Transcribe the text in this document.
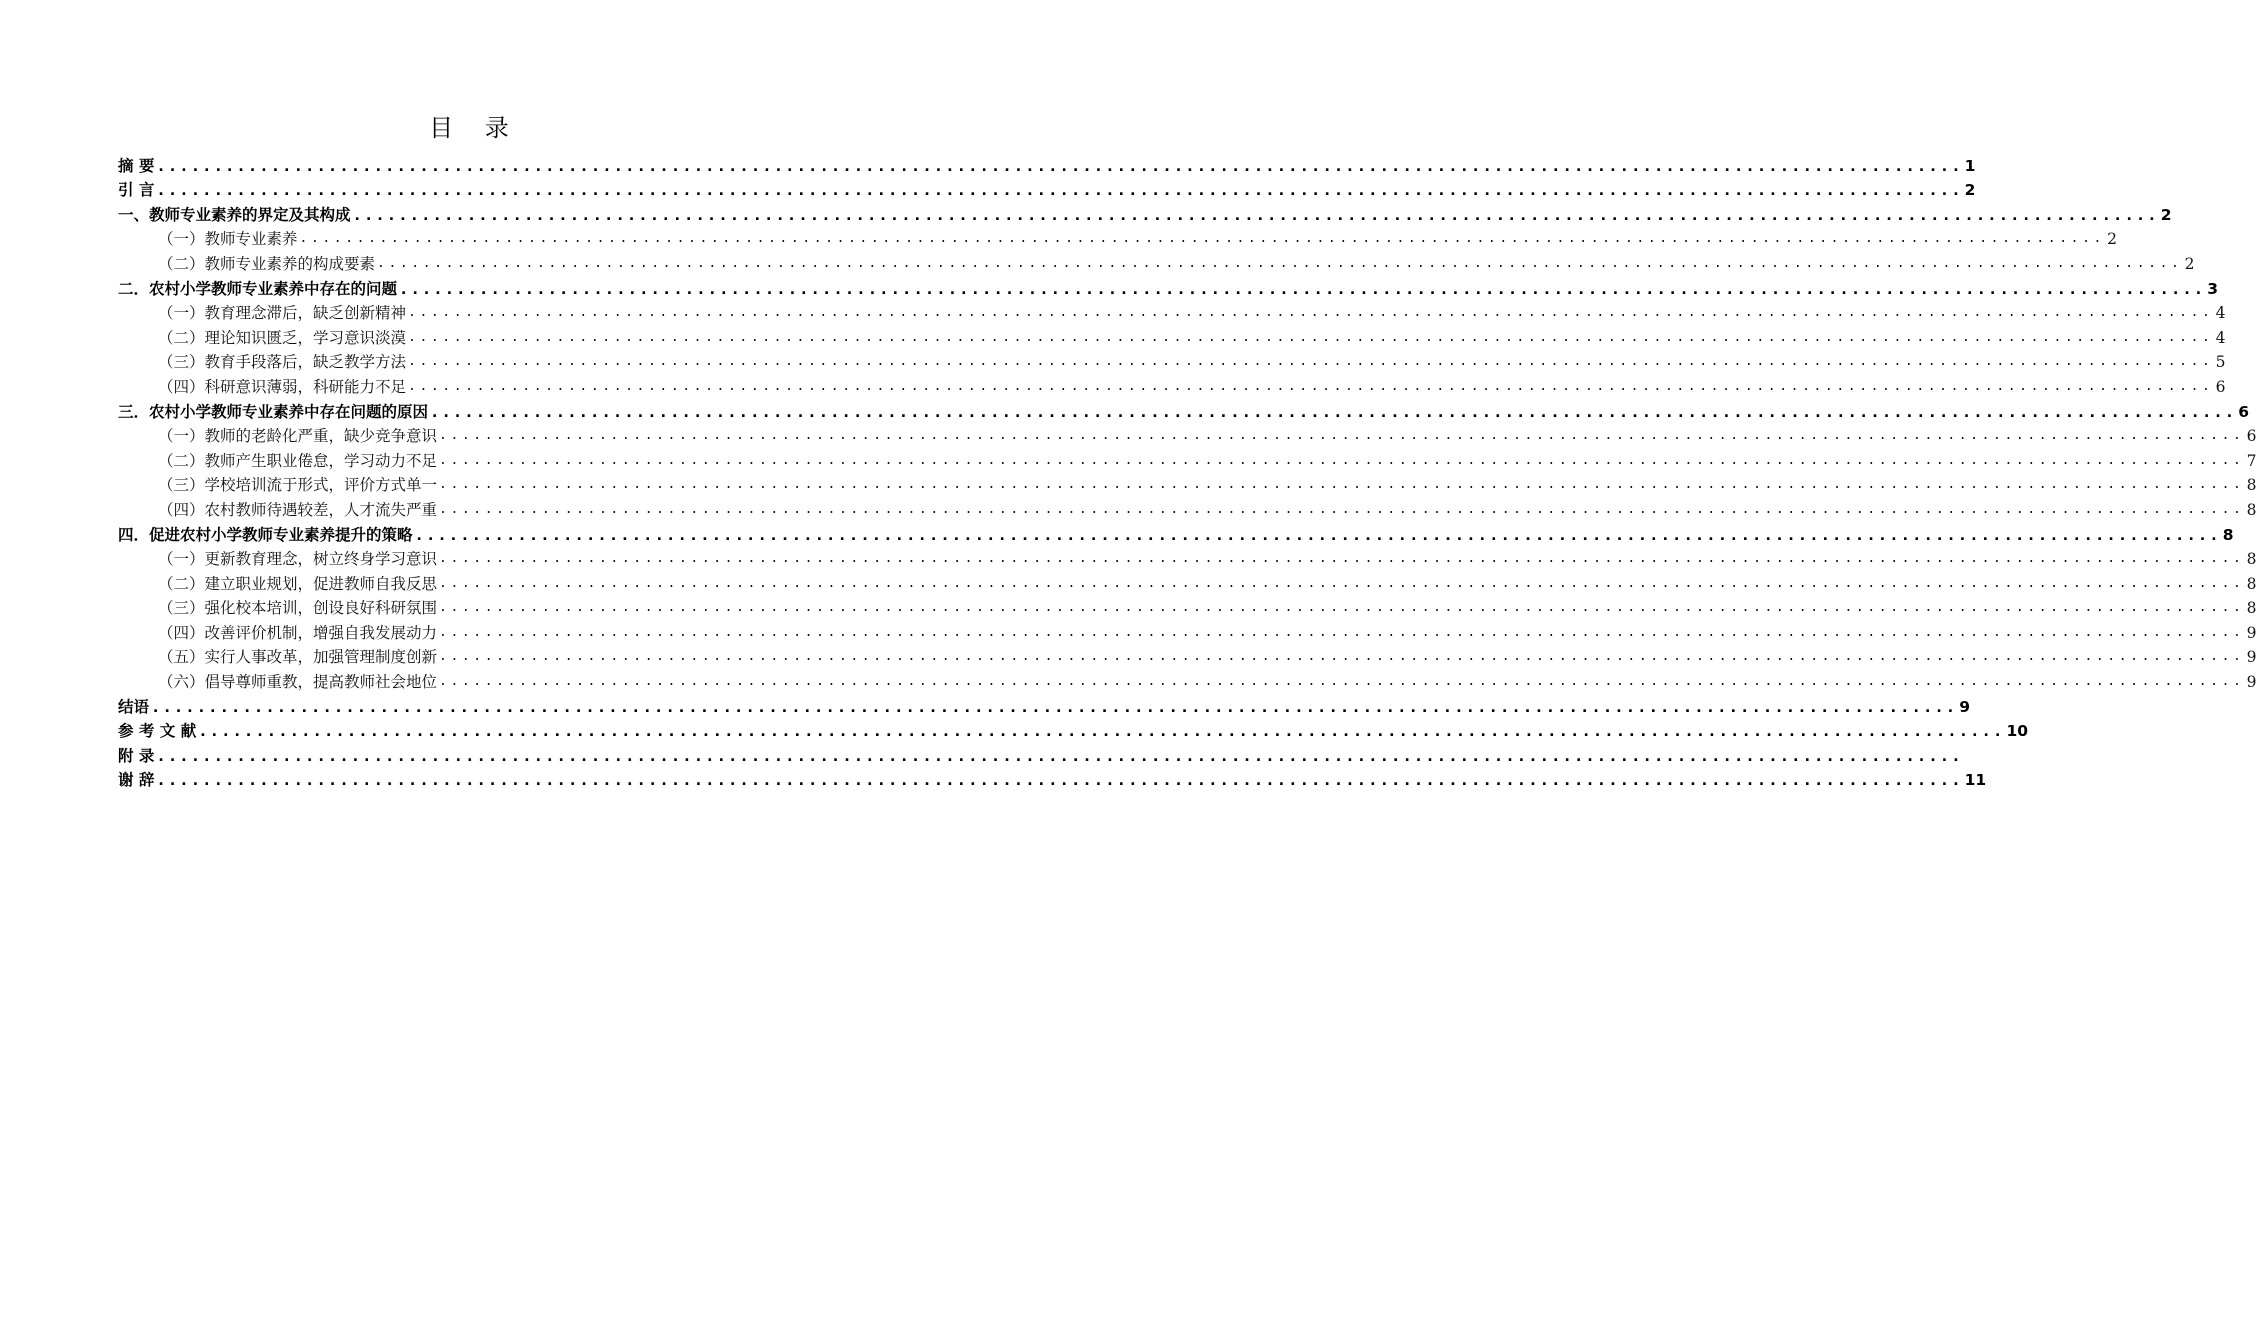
目 录
摘 要 .............................................................................................................................................................. 1
引 言 .............................................................................................................................................................. 2
一、教师专业素养的界定及其构成 .............................................................................................................................................................. 2
（一）教师专业素养 .............................................................................................................................................................. 2
（二）教师专业素养的构成要素 .............................................................................................................................................................. 2
二．农村小学教师专业素养中存在的问题 .............................................................................................................................................................. 3
（一）教育理念滞后，缺乏创新精神 .............................................................................................................................................................. 4
（二）理论知识匮乏，学习意识淡漠 .............................................................................................................................................................. 4
（三）教育手段落后，缺乏教学方法 .............................................................................................................................................................. 5
（四）科研意识薄弱，科研能力不足 .............................................................................................................................................................. 6
三．农村小学教师专业素养中存在问题的原因 .............................................................................................................................................................. 6
（一）教师的老龄化严重，缺少竞争意识 .............................................................................................................................................................. 6
（二）教师产生职业倦怠，学习动力不足 .............................................................................................................................................................. 7
（三）学校培训流于形式，评价方式单一 .............................................................................................................................................................. 8
（四）农村教师待遇较差，人才流失严重 .............................................................................................................................................................. 8
四．促进农村小学教师专业素养提升的策略 .............................................................................................................................................................. 8
（一）更新教育理念，树立终身学习意识 .............................................................................................................................................................. 8
（二）建立职业规划，促进教师自我反思 .............................................................................................................................................................. 8
（三）强化校本培训，创设良好科研氛围 .............................................................................................................................................................. 8
（四）改善评价机制，增强自我发展动力 .............................................................................................................................................................. 9
（五）实行人事改革，加强管理制度创新 .............................................................................................................................................................. 9
（六）倡导尊师重教，提高教师社会地位 .............................................................................................................................................................. 9
结语 .............................................................................................................................................................. 9
参 考 文 献 .............................................................................................................................................................. 10
附 录 ..............................................................................................................................................................
谢 辞 .............................................................................................................................................................. 11
